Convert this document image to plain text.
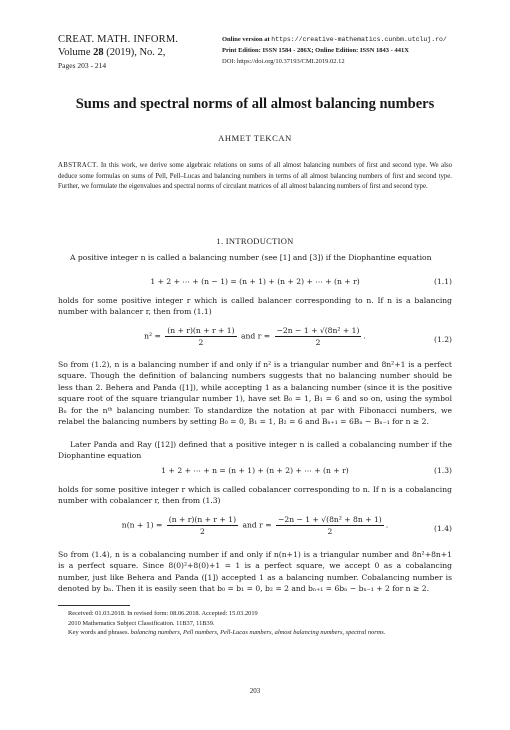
CREAT. MATH. INFORM.
Volume 28 (2019), No. 2,
Pages 203 - 214
Online version at https://creative-mathematics.cunbm.utcluj.ro/
Print Edition: ISSN 1584 - 286X; Online Edition: ISSN 1843 - 441X
DOI: https://doi.org/10.37193/CMI.2019.02.12
Sums and spectral norms of all almost balancing numbers
AHMET TEKCAN
ABSTRACT. In this work, we derive some algebraic relations on sums of all almost balancing numbers of first and second type. We also deduce some formulas on sums of Pell, Pell–Lucas and balancing numbers in terms of all almost balancing numbers of first and second type. Further, we formulate the eigenvalues and spectral norms of circulant matrices of all almost balancing numbers of first and second type.
1. INTRODUCTION
A positive integer n is called a balancing number (see [1] and [3]) if the Diophantine equation
1 + 2 + ⋯ + (n − 1) = (n + 1) + (n + 2) + ⋯ + (n + r)	(1.1)
holds for some positive integer r which is called balancer corresponding to n. If n is a balancing number with balancer r, then from (1.1)
$n^2 = \frac{(n + r)(n + r + 1)}{2}$ and $r = \frac{\text{−2n − 1 + √(8n² + 1)}}{2}$ .	(1.2)
So from (1.2), n is a balancing number if and only if n² is a triangular number and 8n²+1 is a perfect square. Though the definition of balancing numbers suggests that no balancing number should be less than 2. Behera and Panda ([1]), while accepting 1 as a balancing number (since it is the positive square root of the square triangular number 1), have set B₀ = 1, B₁ = 6 and so on, using the symbol Bₙ for the nᵗʰ balancing number. To standardize the notation at par with Fibonacci numbers, we relabel the balancing numbers by setting B₀ = 0, B₁ = 1, B₂ = 6 and Bₙ₊₁ = 6Bₙ − Bₙ₋₁ for n ≥ 2.
Later Panda and Ray ([12]) defined that a positive integer n is called a cobalancing number if the Diophantine equation
1 + 2 + ⋯ + n = (n + 1) + (n + 2) + ⋯ + (n + r)	(1.3)
holds for some positive integer r which is called cobalancer corresponding to n. If n is a cobalancing number with cobalancer r, then from (1.3)
$n(n + 1) = \frac{(n + r)(n + r + 1)}{2}$ and $r = \frac{\text{−2n − 1 + √(8n² + 8n + 1)}}{2}$ .	(1.4)
So from (1.4), n is a cobalancing number if and only if n(n+1) is a triangular number and 8n²+8n+1 is a perfect square. Since 8(0)²+8(0)+1 = 1 is a perfect square, we accept 0 as a cobalancing number, just like Behera and Panda ([1]) accepted 1 as a balancing number. Cobalancing number is denoted by bₙ. Then it is easily seen that b₀ = b₁ = 0, b₂ = 2 and bₙ₊₁ = 6bₙ − bₙ₋₁ + 2 for n ≥ 2.
Received: 01.03.2018. In revised form: 08.06.2018. Accepted: 15.03.2019
2010 Mathematics Subject Classification. 11B37, 11B39.
Key words and phrases. balancing numbers, Pell numbers, Pell-Lucas numbers, almost balancing numbers, spectral norms.
203
